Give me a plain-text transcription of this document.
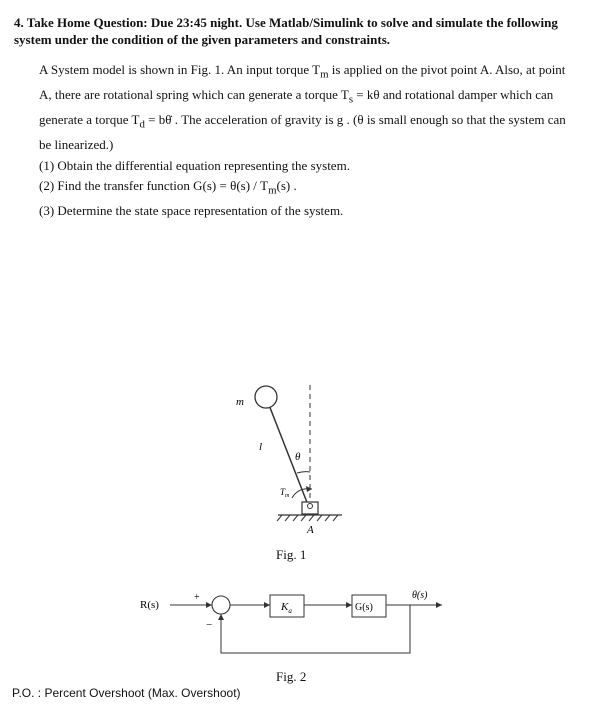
4. Take Home Question: Due 23:45 night. Use Matlab/Simulink to solve and simulate the following system under the condition of the given parameters and constraints.

A System model is shown in Fig. 1. An input torque $T_m$ is applied on the pivot point A. Also, at point A, there are rotational spring which can generate a torque $T_s = k\theta$ and rotational damper which can generate a torque $T_d$ = bθ̇ . The acceleration of gravity is g . (θ is small enough so that the system can be linearized.)

(1) Obtain the differential equation representing the system.

(2) Find the transfer function $G(s) = \theta(s) / T_m(s)$ .

(3) Determine the state space representation of the system.

m
l
θ
$T_m$
A
Fig. 1
R(s)
+
−
$K_a$	G(s)
θ(s)
Fig. 2
P.O. : Percent Overshoot (Max. Overshoot)
